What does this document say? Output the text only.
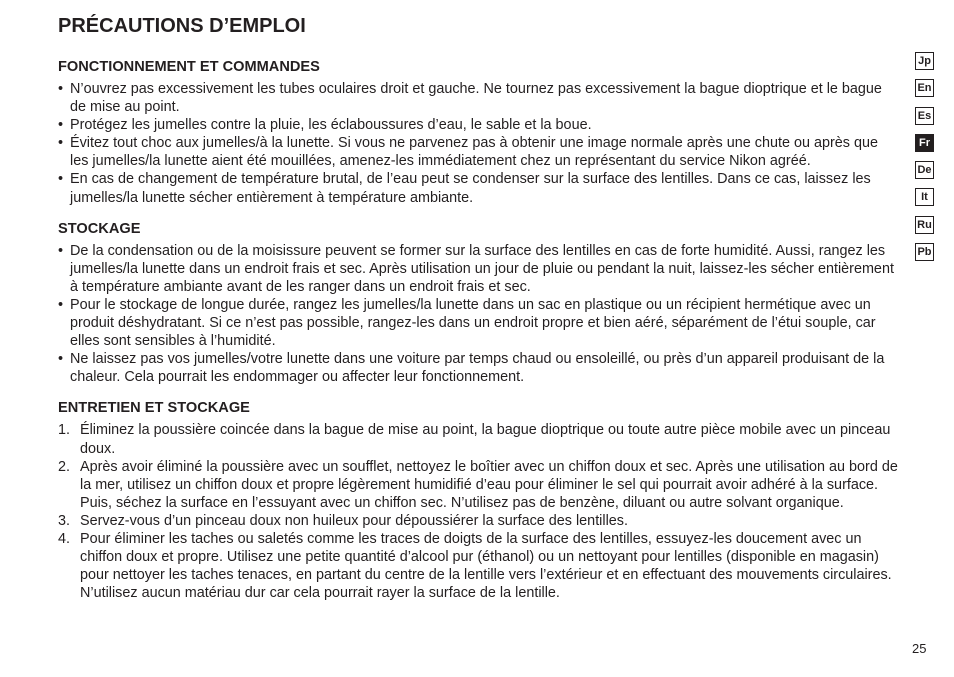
PRÉCAUTIONS D’EMPLOI
FONCTIONNEMENT ET COMMANDES
• N’ouvrez pas excessivement les tubes oculaires droit et gauche. Ne tournez pas excessivement la bague dioptrique et le bague de mise au point.
• Protégez les jumelles contre la pluie, les éclaboussures d’eau, le sable et la boue.
• Évitez tout choc aux jumelles/à la lunette. Si vous ne parvenez pas à obtenir une image normale après une chute ou après que les jumelles/la lunette aient été mouillées, amenez-les immédiatement chez un représentant du service Nikon agréé.
• En cas de changement de température brutal, de l’eau peut se condenser sur la surface des lentilles. Dans ce cas, laissez les jumelles/la lunette sécher entièrement à température ambiante.
STOCKAGE
• De la condensation ou de la moisissure peuvent se former sur la surface des lentilles en cas de forte humidité. Aussi, rangez les jumelles/la lunette dans un endroit frais et sec. Après utilisation un jour de pluie ou pendant la nuit, laissez-les sécher entièrement à température ambiante avant de les ranger dans un endroit frais et sec.
• Pour le stockage de longue durée, rangez les jumelles/la lunette dans un sac en plastique ou un récipient hermétique avec un produit déshydratant. Si ce n’est pas possible, rangez-les dans un endroit propre et bien aéré, séparément de l’étui souple, car elles sont sensibles à l’humidité.
• Ne laissez pas vos jumelles/votre lunette dans une voiture par temps chaud ou ensoleillé, ou près d’un appareil produisant de la chaleur. Cela pourrait les endommager ou affecter leur fonctionnement.
ENTRETIEN ET STOCKAGE
1. Éliminez la poussière coincée dans la bague de mise au point, la bague dioptrique ou toute autre pièce mobile avec un pinceau doux.
2. Après avoir éliminé la poussière avec un soufflet, nettoyez le boîtier avec un chiffon doux et sec. Après une utilisation au bord de la mer, utilisez un chiffon doux et propre légèrement humidifié d’eau pour éliminer le sel qui pourrait avoir adhéré à la surface. Puis, séchez la surface en l’essuyant avec un chiffon sec. N’utilisez pas de benzène, diluant ou autre solvant organique.
3. Servez-vous d’un pinceau doux non huileux pour dépoussiérer la surface des lentilles.
4. Pour éliminer les taches ou saletés comme les traces de doigts de la surface des lentilles, essuyez-les doucement avec un chiffon doux et propre. Utilisez une petite quantité d’alcool pur (éthanol) ou un nettoyant pour lentilles (disponible en magasin) pour nettoyer les taches tenaces, en partant du centre de la lentille vers l’extérieur et en effectuant des mouvements circulaires. N’utilisez aucun matériau dur car cela pourrait rayer la surface de la lentille.
Jp
En
Es
Fr
De
It
Ru
Pb
25
